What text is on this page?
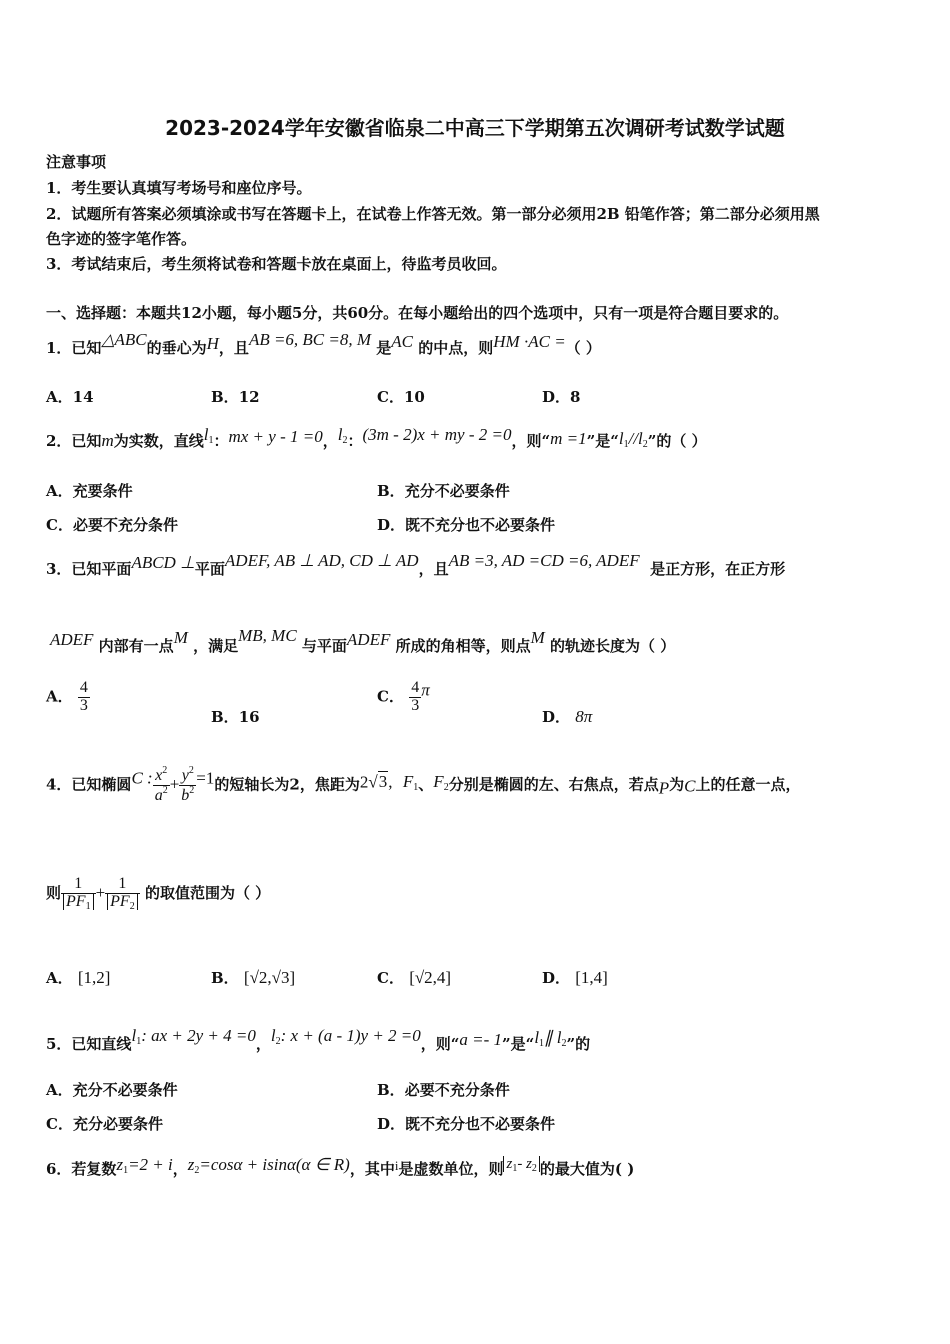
2023-2024学年安徽省临泉二中高三下学期第五次调研考试数学试题
注意事项
1．考生要认真填写考场号和座位序号。
2．试题所有答案必须填涂或书写在答题卡上，在试卷上作答无效。第一部分必须用2B 铅笔作答；第二部分必须用黑
色字迹的签字笔作答。
3．考试结束后，考生须将试卷和答题卡放在桌面上，待监考员收回。
一、选择题：本题共12小题，每小题5分，共60分。在每小题给出的四个选项中，只有一项是符合题目要求的。
1．已知△ABC的垂心为H，且AB =6, BC =8, M 是AC 的中点，则HM ·AC =（ ）
A．14	B．12	C．10	D．8
2．已知m为实数，直线$l_1$：mx + y - 1 =0，$l_2$：(3m - 2)x + my - 2 =0，则“m =1”是“$l_1//l_2$”的（ ）
A．充要条件	B．充分不必要条件
C．必要不充分条件	D．既不充分也不必要条件
3．已知平面ABCD ⊥平面ADEF, AB ⊥ AD, CD ⊥ AD，且AB =3, AD =CD =6, ADEF 是正方形，在正方形
ADEF 内部有一点M ，满足MB, MC 与平面ADEF 所成的角相等，则点M 的轨迹长度为（ ）
A． $\frac{4}{3}$
B．16
C． $\frac{4}{3}$ π
D． 8π
4．已知椭圆C : $\frac{x^2}{a^2} + \frac{y^2}{b^2} =1$的短轴长为2，焦距为2√3, $F_1$、$F_2$分别是椭圆的左、右焦点，若点P为C上的任意一点，
则 $\frac{1}{PF_1} + \frac{1}{PF_2}$ 的取值范围为（ ）
A． [1,2]	B． [√2,√3]	C． [√2,4]	D． [1,4]
5．已知直线$l_1$: ax + 2y + 4 =0，$l_2$: x + (a - 1)y + 2 =0，则“a =- 1”是“$l_1\parallel$ $l_2$”的
A．充分不必要条件	B．必要不充分条件
C．充分必要条件	D．既不充分也不必要条件
6．若复数$z_1=2 + i$，$z_2=\cos\alpha + isin\alpha(\alpha$ ∈ R)，其中i是虚数单位，则 $z_1-$ $z_2$ 的最大值为( )
